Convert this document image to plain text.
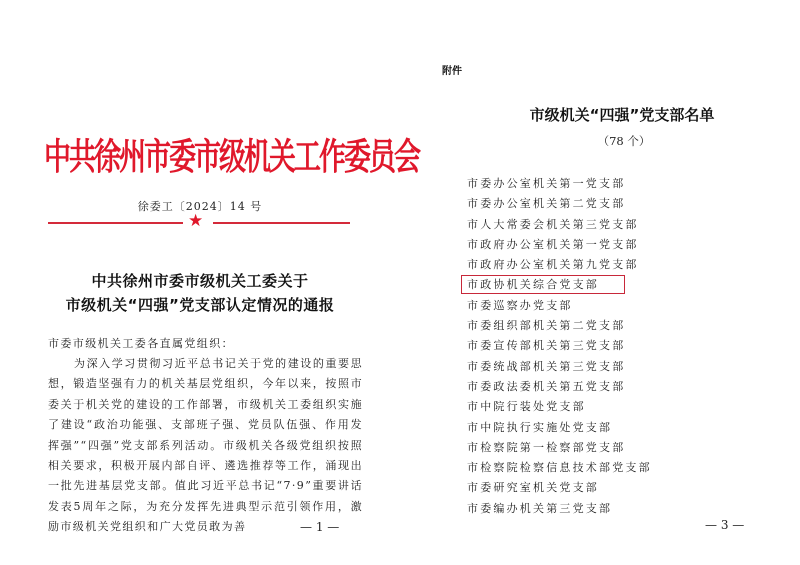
中共徐州市委市级机关工作委员会
徐委工〔2024〕14 号
★
中共徐州市委市级机关工委关于
市级机关“四强”党支部认定情况的通报
市委市级机关工委各直属党组织：
为深入学习贯彻习近平总书记关于党的建设的重要思想，锻造坚强有力的机关基层党组织，今年以来，按照市委关于机关党的建设的工作部署，市级机关工委组织实施了建设“政治功能强、支部班子强、党员队伍强、作用发挥强”“四强”党支部系列活动。市级机关各级党组织按照相关要求，积极开展内部自评、遴选推荐等工作，涌现出一批先进基层党支部。值此习近平总书记“7·9”重要讲话发表5周年之际，为充分发挥先进典型示范引领作用，激励市级机关党组织和广大党员敢为善	— 1 —
附件
市级机关“四强”党支部名单
（78 个）
市委办公室机关第一党支部
市委办公室机关第二党支部
市人大常委会机关第三党支部
市政府办公室机关第一党支部
市政府办公室机关第九党支部
市政协机关综合党支部
市委巡察办党支部
市委组织部机关第二党支部
市委宣传部机关第三党支部
市委统战部机关第三党支部
市委政法委机关第五党支部
市中院行装处党支部
市中院执行实施处党支部
市检察院第一检察部党支部
市检察院检察信息技术部党支部
市委研究室机关党支部
市委编办机关第三党支部
— 3 —
